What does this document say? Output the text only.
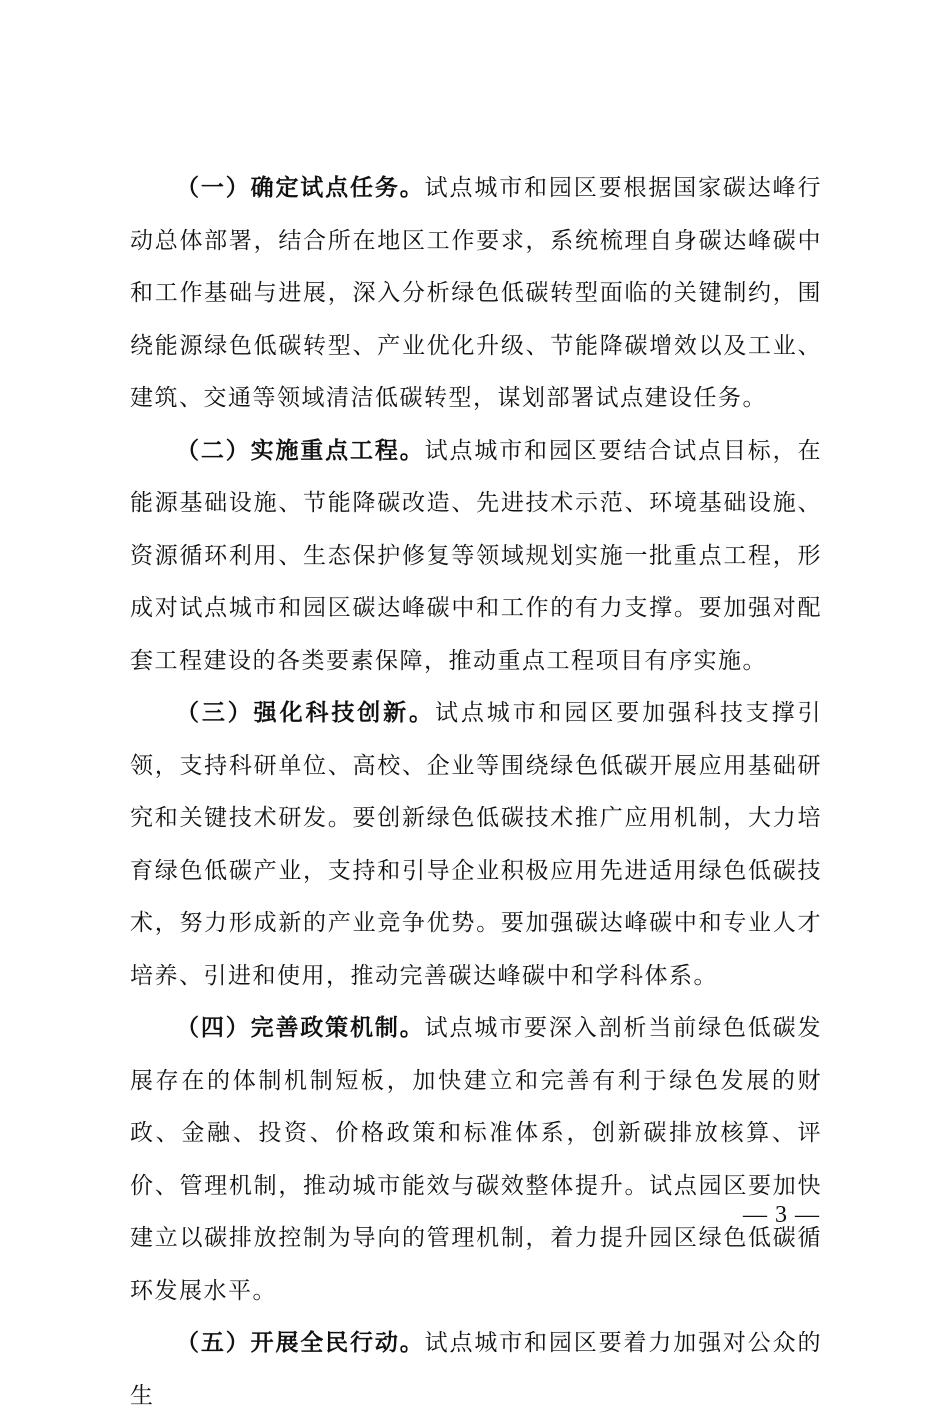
（一）确定试点任务。试点城市和园区要根据国家碳达峰行动总体部署，结合所在地区工作要求，系统梳理自身碳达峰碳中和工作基础与进展，深入分析绿色低碳转型面临的关键制约，围绕能源绿色低碳转型、产业优化升级、节能降碳增效以及工业、建筑、交通等领域清洁低碳转型，谋划部署试点建设任务。

（二）实施重点工程。试点城市和园区要结合试点目标，在能源基础设施、节能降碳改造、先进技术示范、环境基础设施、资源循环利用、生态保护修复等领域规划实施一批重点工程，形成对试点城市和园区碳达峰碳中和工作的有力支撑。要加强对配套工程建设的各类要素保障，推动重点工程项目有序实施。

（三）强化科技创新。试点城市和园区要加强科技支撑引领，支持科研单位、高校、企业等围绕绿色低碳开展应用基础研究和关键技术研发。要创新绿色低碳技术推广应用机制，大力培育绿色低碳产业，支持和引导企业积极应用先进适用绿色低碳技术，努力形成新的产业竞争优势。要加强碳达峰碳中和专业人才培养、引进和使用，推动完善碳达峰碳中和学科体系。

（四）完善政策机制。试点城市要深入剖析当前绿色低碳发展存在的体制机制短板，加快建立和完善有利于绿色发展的财政、金融、投资、价格政策和标准体系，创新碳排放核算、评价、管理机制，推动城市能效与碳效整体提升。试点园区要加快建立以碳排放控制为导向的管理机制，着力提升园区绿色低碳循环发展水平。

（五）开展全民行动。试点城市和园区要着力加强对公众的生

— 3 —
